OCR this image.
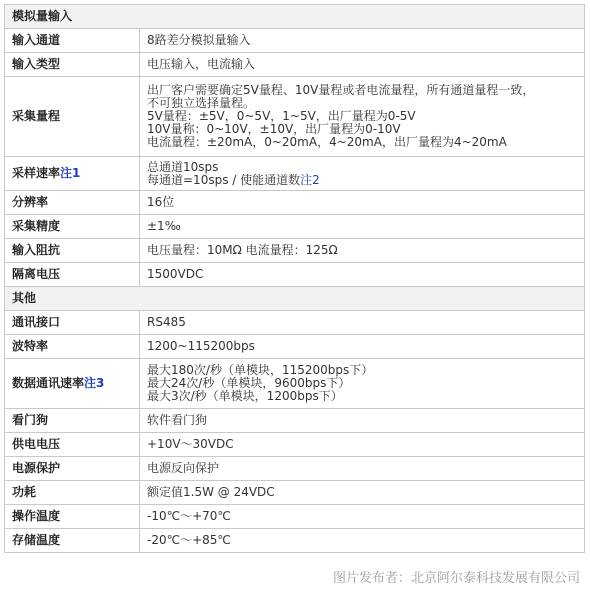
模拟量输入	
输入通道	8路差分模拟量输入

输入类型	电压输入，电流输入

采集量程	出厂客户需要确定5V量程、10V量程或者电流量程，所有通道量程一致，
不可独立选择量程。
5V量程：±5V，0~5V，1~5V，出厂量程为0-5V
10V量称：0~10V，±10V，出厂量程为0-10V
电流量程：±20mA，0~20mA，4~20mA，出厂量程为4~20mA

采样速率注1	总通道10sps
每通道=10sps / 使能通道数注2

分辨率	16位

采集精度	±1‰

输入阻抗	电压量程：10MΩ 电流量程：125Ω

隔离电压	1500VDC

其他	
通讯接口	RS485

波特率	1200~115200bps

数据通讯速率注3	最大180次/秒（单模块，115200bps下）
最大24次/秒（单模块，9600bps下）
最大3次/秒（单模块，1200bps下）

看门狗	软件看门狗

供电电压	+10V～30VDC

电源保护	电源反向保护

功耗	额定值1.5W @ 24VDC

操作温度	-10℃～+70℃

存储温度	-20℃～+85℃
图片发布者：北京阿尔泰科技发展有限公司
